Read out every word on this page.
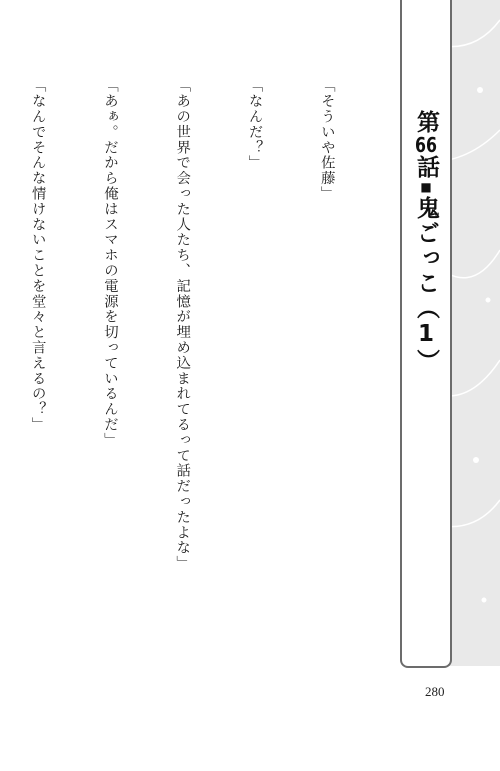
第66話■鬼ごっこ（1）

「そういや佐藤」

「なんだ？」

「あの世界で会った人たち、記憶が埋め込まれてるって話だったよな」

「あぁ。だから俺はスマホの電源を切っているんだ」

「なんでそんな情けないことを堂々と言えるの？」

280
